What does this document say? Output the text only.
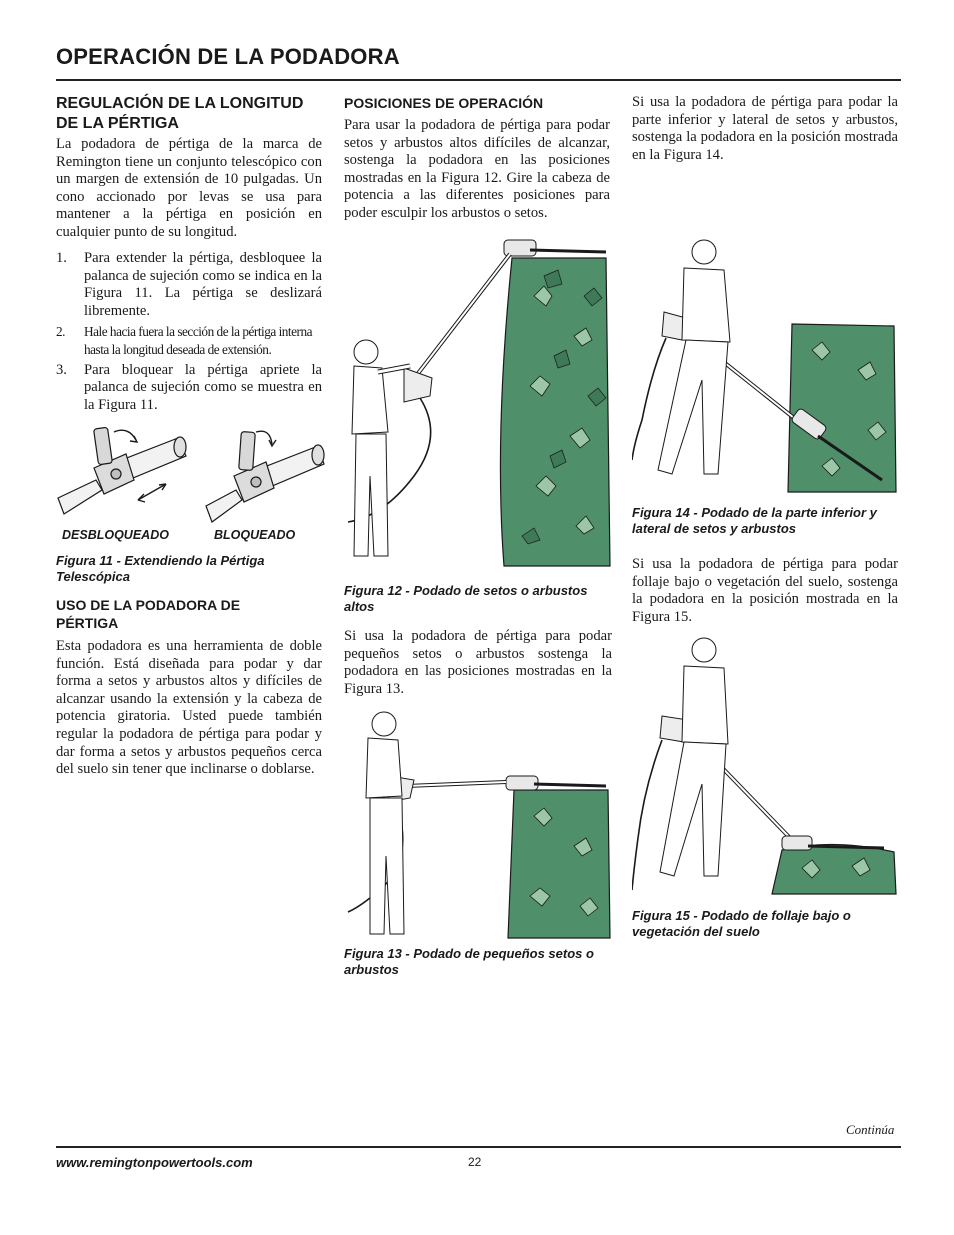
OPERACIÓN DE LA PODADORA
REGULACIÓN DE LA LONGITUD DE LA PÉRTIGA
La podadora de pértiga de la marca de Remington tiene un conjunto telescópico con un margen de extensión de 10 pulgadas. Un cono accionado por levas se usa para mantener a la pértiga en posición en cualquier punto de su longitud.
1. Para extender la pértiga, desbloquee la palanca de sujeción como se indica en la Figura 11. La pértiga se deslizará libremente.
2. Hale hacia fuera la sección de la pértiga interna hasta la longitud deseada de extensión.
3. Para bloquear la pértiga apriete la palanca de sujeción como se muestra en la Figura 11.
DESBLOQUEADO	BLOQUEADO
Figura 11 - Extendiendo la Pértiga Telescópica
USO DE LA PODADORA DE PÉRTIGA
Esta podadora es una herramienta de doble función. Está diseñada para podar y dar forma a setos y arbustos altos y difíciles de alcanzar usando la extensión y la cabeza de potencia giratoria. Usted puede también regular la podadora de pértiga para podar y dar forma a setos y arbustos pequeños cerca del suelo sin tener que inclinarse o doblarse.
POSICIONES DE OPERACIÓN
Para usar la podadora de pértiga para podar setos y arbustos altos difíciles de alcanzar, sostenga la podadora en las posiciones mostradas en la Figura 12. Gire la cabeza de potencia a las diferentes posiciones para poder esculpir los arbustos o setos.
Figura 12 - Podado de setos o arbustos altos
Si usa la podadora de pértiga para podar pequeños setos o arbustos sostenga la podadora en las posiciones mostradas en la Figura 13.
Figura 13 - Podado de pequeños setos o arbustos
Si usa la podadora de pértiga para podar la parte inferior y lateral de setos y arbustos, sostenga la podadora en la posición mostrada en la Figura 14.
Figura 14 - Podado de la parte inferior y lateral de setos y arbustos
Si usa la podadora de pértiga para podar follaje bajo o vegetación del suelo, sostenga la podadora en la posición mostrada en la Figura 15.
Figura 15 - Podado de follaje bajo o vegetación del suelo
Continúa
www.remingtonpowertools.com	22
